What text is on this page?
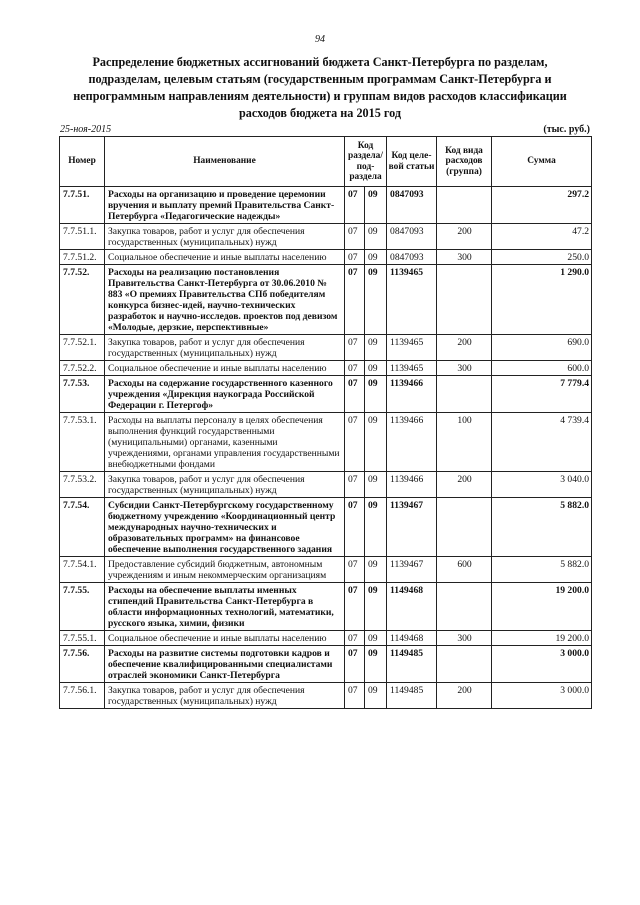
94
Распределение бюджетных ассигнований бюджета Санкт-Петербурга по разделам, подразделам, целевым статьям (государственным программам Санкт-Петербурга и непрограммным направлениям деятельности) и группам видов расходов классификации расходов бюджета на 2015 год
25-ноя-2015	(тыс. руб.)
Номер	Наименование	Код раздела/ под-раздела		Код целе-вой статьи	Код вида расходов (группа)	Сумма
7.7.51.	Расходы на организацию и проведение церемонии вручения и выплату премий Правительства Санкт-Петербурга «Педагогические надежды»	07	09	0847093		297.2
7.7.51.1.	Закупка товаров, работ и услуг для обеспечения государственных (муниципальных) нужд	07	09	0847093	200	47.2
7.7.51.2.	Социальное обеспечение и иные выплаты населению	07	09	0847093	300	250.0
7.7.52.	Расходы на реализацию постановления Правительства Санкт-Петербурга от 30.06.2010 № 883 «О премиях Правительства СПб победителям конкурса бизнес-идей, научно-технических разработок и научно-исследов. проектов под девизом «Молодые, дерзкие, перспективные»	07	09	1139465		1 290.0
7.7.52.1.	Закупка товаров, работ и услуг для обеспечения государственных (муниципальных) нужд	07	09	1139465	200	690.0
7.7.52.2.	Социальное обеспечение и иные выплаты населению	07	09	1139465	300	600.0
7.7.53.	Расходы на содержание государственного казенного учреждения «Дирекция наукограда Российской Федерации г. Петергоф»	07	09	1139466		7 779.4
7.7.53.1.	Расходы на выплаты персоналу в целях обеспечения выполнения функций государственными (муниципальными) органами, казенными учреждениями, органами управления государственными внебюджетными фондами	07	09	1139466	100	4 739.4
7.7.53.2.	Закупка товаров, работ и услуг для обеспечения государственных (муниципальных) нужд	07	09	1139466	200	3 040.0
7.7.54.	Субсидии Санкт-Петербургскому государственному бюджетному учреждению «Координационный центр международных научно-технических и образовательных программ» на финансовое обеспечение выполнения государственного задания	07	09	1139467		5 882.0
7.7.54.1.	Предоставление субсидий бюджетным, автономным учреждениям и иным некоммерческим организациям	07	09	1139467	600	5 882.0
7.7.55.	Расходы на обеспечение выплаты именных стипендий Правительства Санкт-Петербурга в области информационных технологий, математики, русского языка, химии, физики	07	09	1149468		19 200.0
7.7.55.1.	Социальное обеспечение и иные выплаты населению	07	09	1149468	300	19 200.0
7.7.56.	Расходы на развитие системы подготовки кадров и обеспечение квалифицированными специалистами отраслей экономики Санкт-Петербурга	07	09	1149485		3 000.0
7.7.56.1.	Закупка товаров, работ и услуг для обеспечения государственных (муниципальных) нужд	07	09	1149485	200	3 000.0
